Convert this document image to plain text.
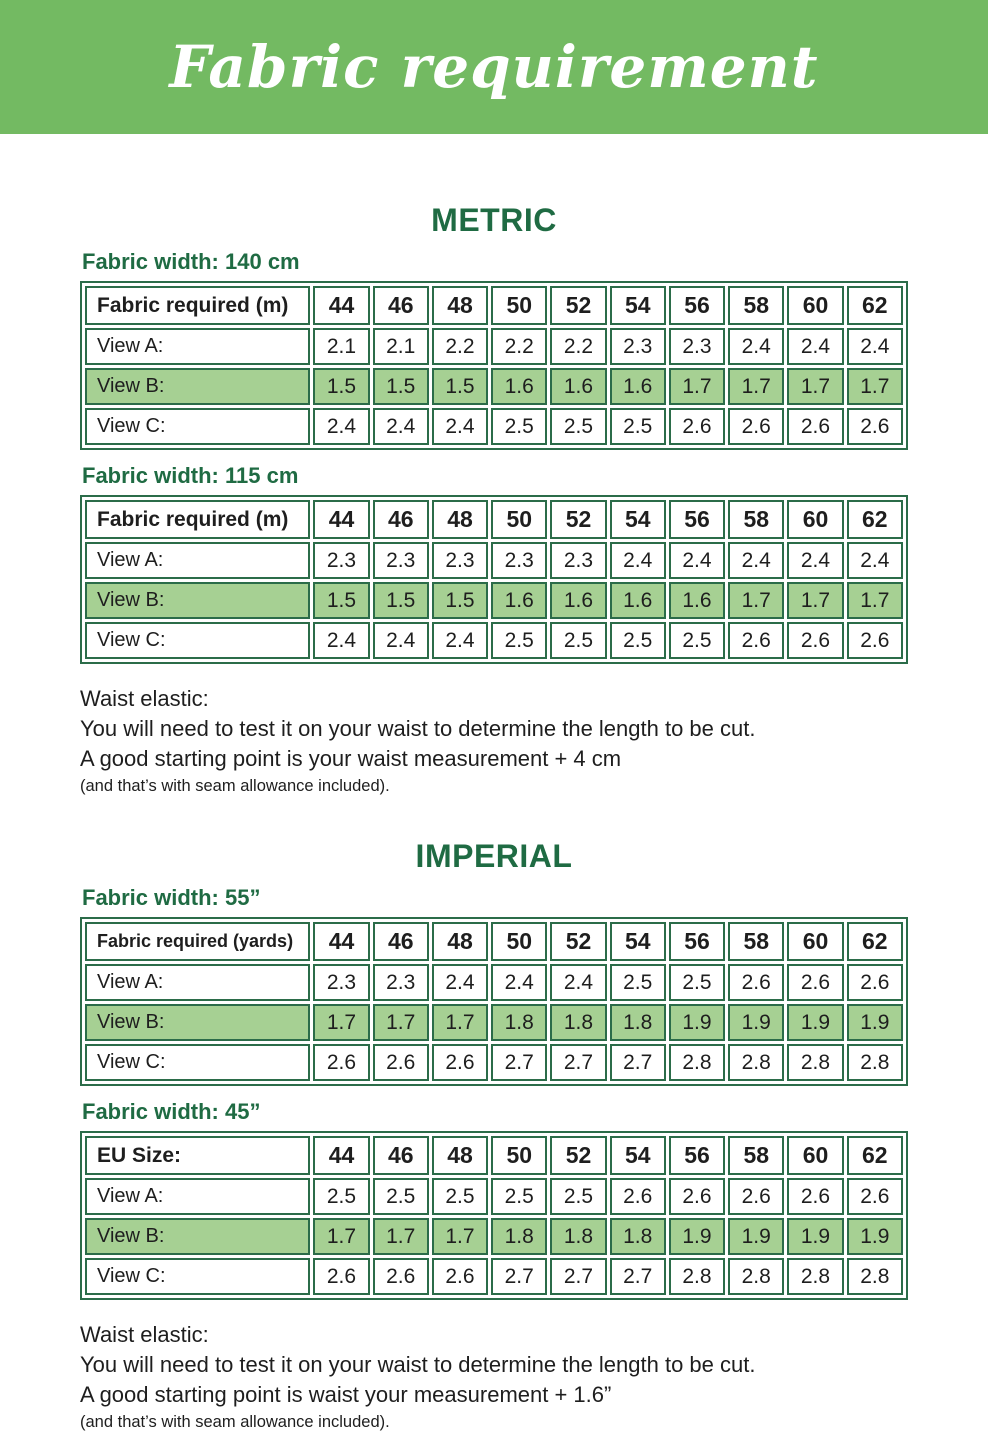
Fabric requirement
METRIC
Fabric width: 140 cm
Fabric required (m)	44	46	48	50	52	54	56	58	60	62
View A:	2.1	2.1	2.2	2.2	2.2	2.3	2.3	2.4	2.4	2.4
View B:	1.5	1.5	1.5	1.6	1.6	1.6	1.7	1.7	1.7	1.7
View C:	2.4	2.4	2.4	2.5	2.5	2.5	2.6	2.6	2.6	2.6
Fabric width: 115 cm
Fabric required (m)	44	46	48	50	52	54	56	58	60	62
View A:	2.3	2.3	2.3	2.3	2.3	2.4	2.4	2.4	2.4	2.4
View B:	1.5	1.5	1.5	1.6	1.6	1.6	1.6	1.7	1.7	1.7
View C:	2.4	2.4	2.4	2.5	2.5	2.5	2.5	2.6	2.6	2.6

Waist elastic:

You will need to test it on your waist to determine the length to be cut.

A good starting point is your waist measurement + 4 cm

(and that’s with seam allowance included).

IMPERIAL
Fabric width: 55”
Fabric required (yards)	44	46	48	50	52	54	56	58	60	62
View A:	2.3	2.3	2.4	2.4	2.4	2.5	2.5	2.6	2.6	2.6
View B:	1.7	1.7	1.7	1.8	1.8	1.8	1.9	1.9	1.9	1.9
View C:	2.6	2.6	2.6	2.7	2.7	2.7	2.8	2.8	2.8	2.8
Fabric width: 45”
EU Size:	44	46	48	50	52	54	56	58	60	62
View A:	2.5	2.5	2.5	2.5	2.5	2.6	2.6	2.6	2.6	2.6
View B:	1.7	1.7	1.7	1.8	1.8	1.8	1.9	1.9	1.9	1.9
View C:	2.6	2.6	2.6	2.7	2.7	2.7	2.8	2.8	2.8	2.8

Waist elastic:

You will need to test it on your waist to determine the length to be cut.

A good starting point is waist your measurement + 1.6”

(and that’s with seam allowance included).
